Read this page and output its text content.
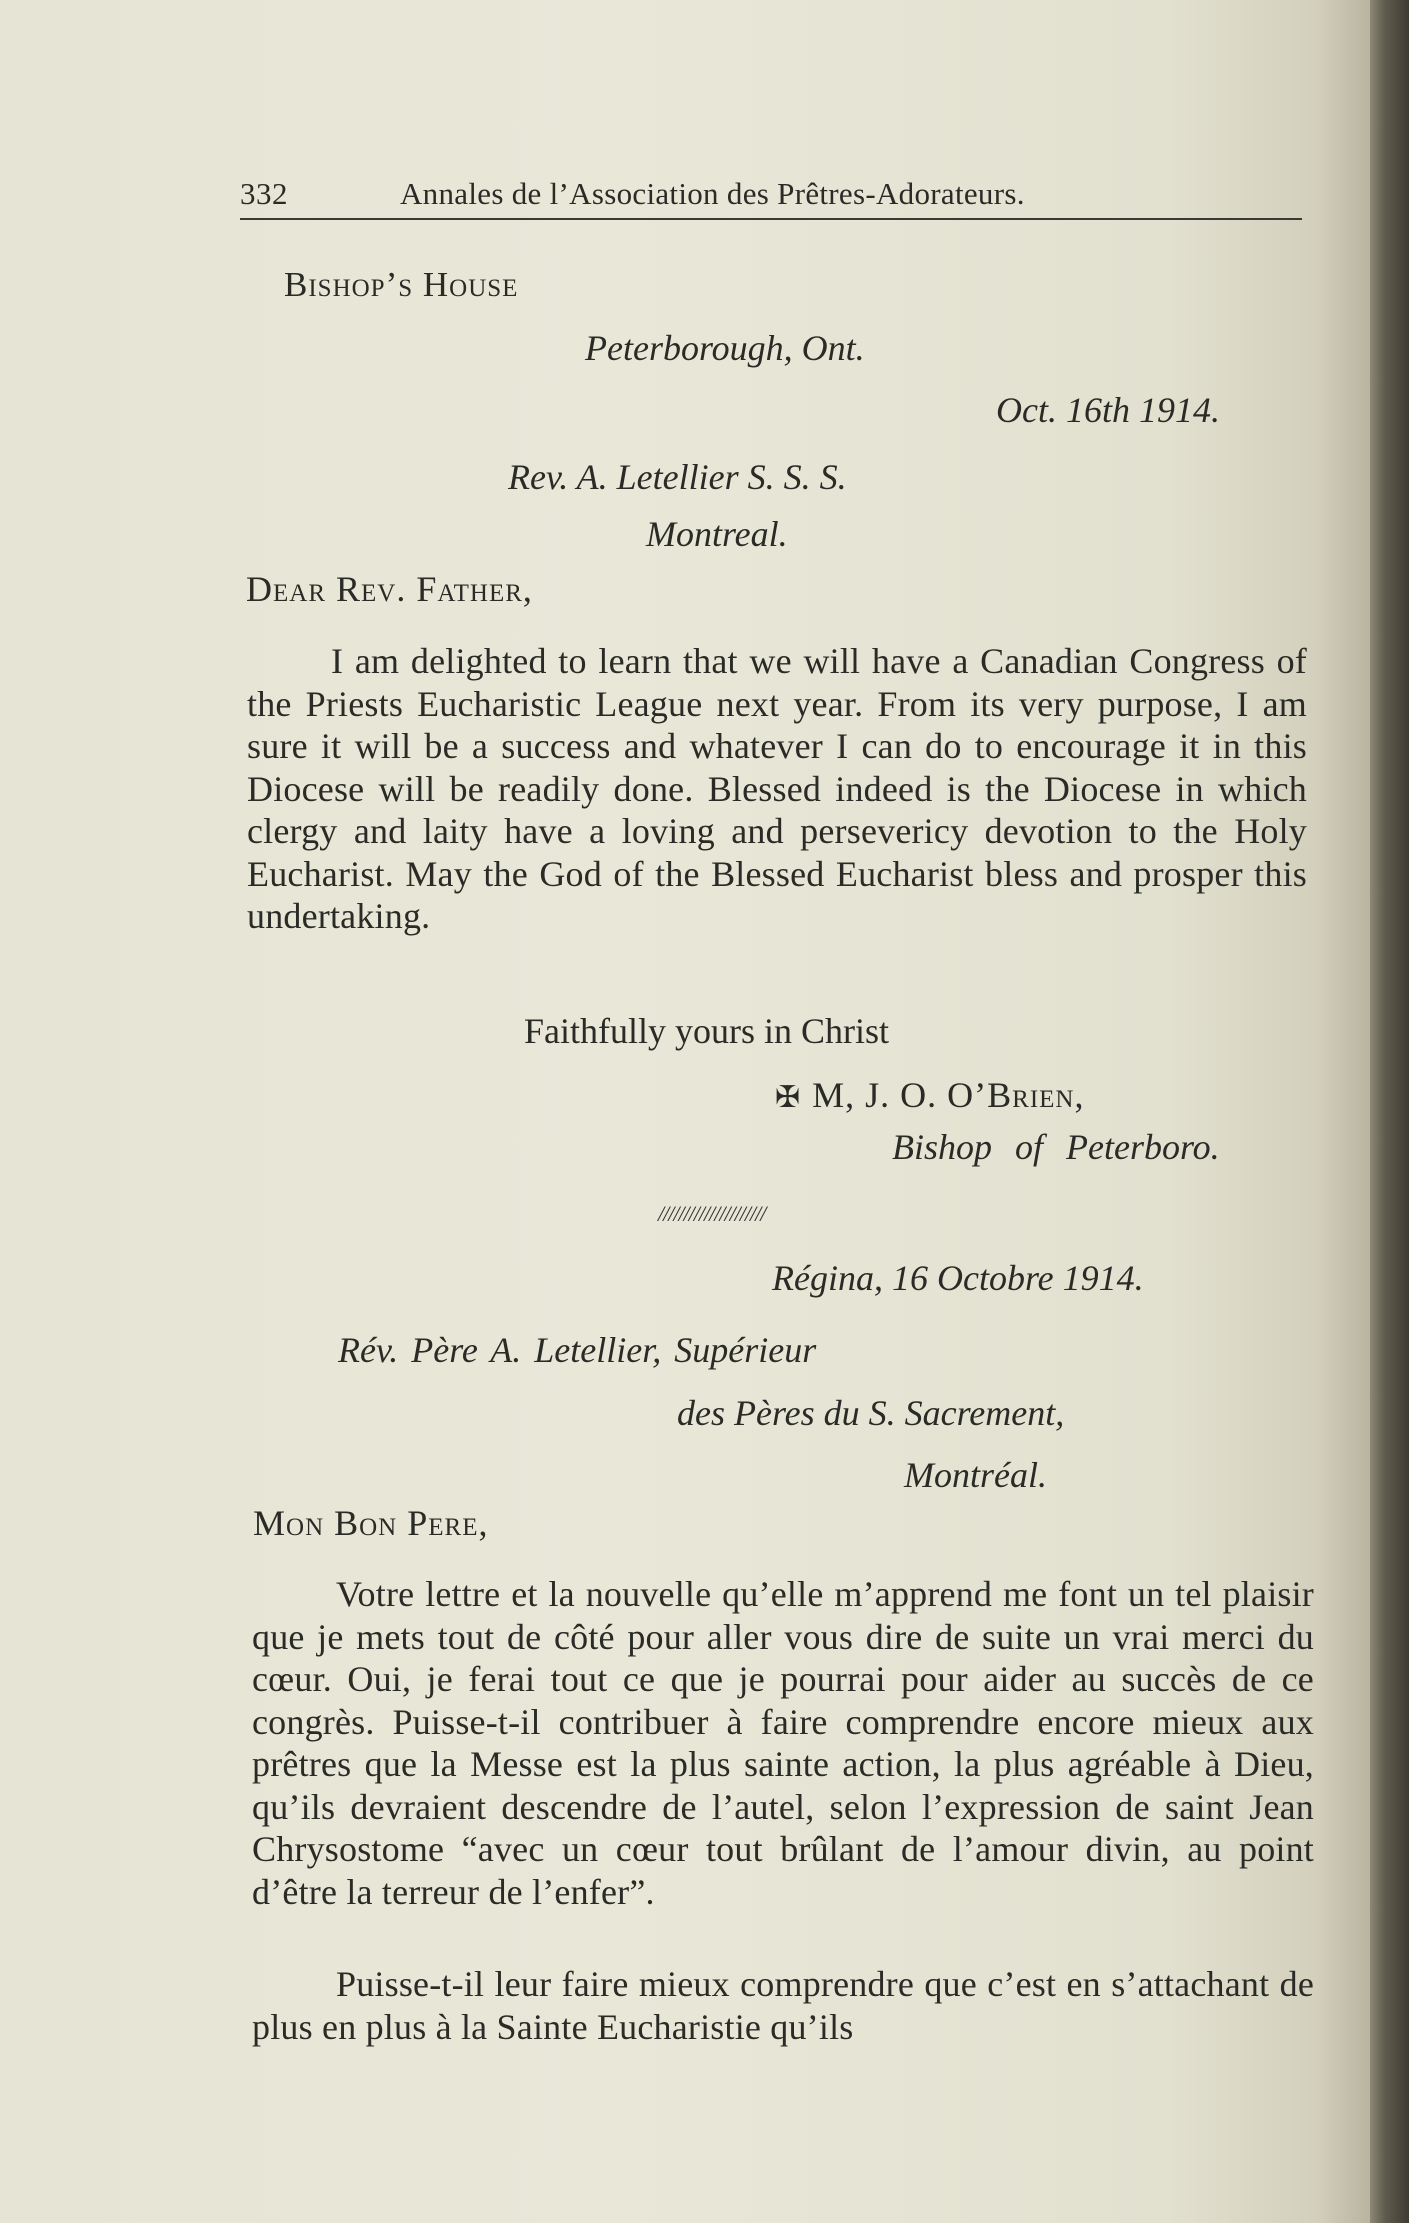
332	Annales de l’Association des Prêtres-Adorateurs.
Bishop’s House
Peterborough, Ont.
Oct. 16th 1914.
Rev. A. Letellier S. S. S.
Montreal.
Dear Rev. Father,
I am delighted to learn that we will have a Canadian Congress of the Priests Eucharistic League next year. From its very purpose, I am sure it will be a success and whatever I can do to encourage it in this Diocese will be readily done. Blessed indeed is the Diocese in which clergy and laity have a loving and persevericy devotion to the Holy Eucharist. May the God of the Blessed Eucharist bless and prosper this undertaking.
Faithfully yours in Christ
✠ M, J. O. O’Brien,
Bishop of Peterboro.
/////////////////////
Régina, 16 Octobre 1914.
Rév. Père A. Letellier, Supérieur
des Pères du S. Sacrement,
Montréal.
Mon Bon Pere,
Votre lettre et la nouvelle qu’elle m’apprend me font un tel plaisir que je mets tout de côté pour aller vous dire de suite un vrai merci du cœur. Oui, je ferai tout ce que je pourrai pour aider au succès de ce congrès. Puisse-t-il contribuer à faire comprendre encore mieux aux prêtres que la Messe est la plus sainte action, la plus agréable à Dieu, qu’ils devraient descendre de l’autel, selon l’expression de saint Jean Chrysostome “avec un cœur tout brûlant de l’amour divin, au point d’être la terreur de l’enfer”.
Puisse-t-il leur faire mieux comprendre que c’est en s’attachant de plus en plus à la Sainte Eucharistie qu’ils
